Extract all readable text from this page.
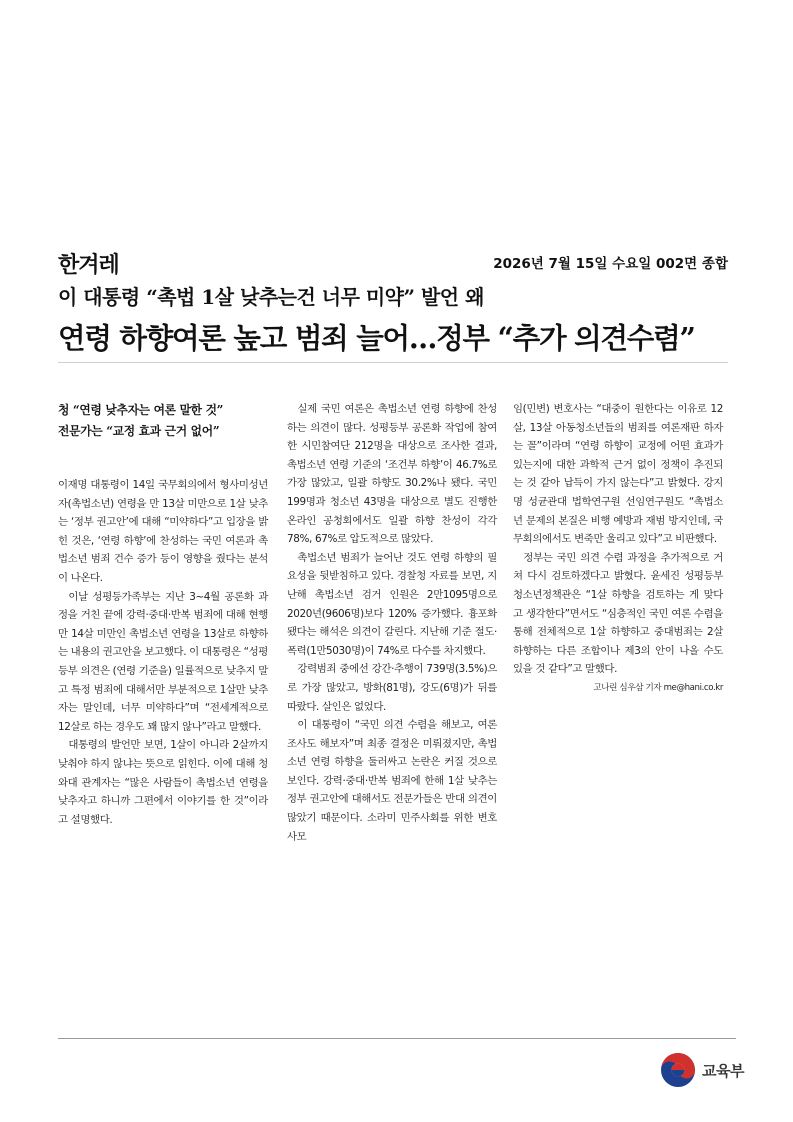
한겨레	2026년 7월 15일 수요일 002면 종합
이 대통령 “촉법 1살 낮추는건 너무 미약” 발언 왜
연령 하향여론 높고 범죄 늘어…정부 “추가 의견수렴”
청 “연령 낮추자는 여론 말한 것”
전문가는 “교정 효과 근거 없어”

이재명 대통령이 14일 국무회의에서 형사미성년자(촉법소년) 연령을 만 13살 미만으로 1살 낮추는 ‘정부 권고안’에 대해 “미약하다”고 입장을 밝힌 것은, ‘연령 하향’에 찬성하는 국민 여론과 촉법소년 범죄 건수 증가 등이 영향을 줬다는 분석이 나온다.

이날 성평등가족부는 지난 3~4월 공론화 과정을 거친 끝에 강력·중대·반복 범죄에 대해 현행 만 14살 미만인 촉법소년 연령을 13살로 하향하는 내용의 권고안을 보고했다. 이 대통령은 “성평등부 의견은 (연령 기준을) 일률적으로 낮추지 말고 특정 범죄에 대해서만 부분적으로 1살만 낮추자는 말인데, 너무 미약하다”며 “전세계적으로 12살로 하는 경우도 꽤 많지 않나”라고 말했다.

대통령의 발언만 보면, 1살이 아니라 2살까지 낮춰야 하지 않냐는 뜻으로 읽힌다. 이에 대해 청와대 관계자는 “많은 사람들이 촉법소년 연령을 낮추자고 하니까 그편에서 이야기를 한 것”이라고 설명했다.

실제 국민 여론은 촉법소년 연령 하향에 찬성하는 의견이 많다. 성평등부 공론화 작업에 참여한 시민참여단 212명을 대상으로 조사한 결과, 촉법소년 연령 기준의 ‘조건부 하향’이 46.7%로 가장 많았고, 일괄 하향도 30.2%나 됐다. 국민 199명과 청소년 43명을 대상으로 별도 진행한 온라인 공청회에서도 일괄 하향 찬성이 각각 78%, 67%로 압도적으로 많았다.

촉법소년 범죄가 늘어난 것도 연령 하향의 필요성을 뒷받침하고 있다. 경찰청 자료를 보면, 지난해 촉법소년 검거 인원은 2만1095명으로 2020년(9606명)보다 120% 증가했다. 흉포화됐다는 해석은 의견이 갈린다. 지난해 기준 절도·폭력(1만5030명)이 74%로 다수를 차지했다.

강력범죄 중에선 강간·추행이 739명(3.5%)으로 가장 많았고, 방화(81명), 강도(6명)가 뒤를 따랐다. 살인은 없었다.

이 대통령이 “국민 의견 수렴을 해보고, 여론조사도 해보자”며 최종 결정은 미뤄졌지만, 촉법소년 연령 하향을 둘러싸고 논란은 커질 것으로 보인다. 강력·중대·반복 범죄에 한해 1살 낮추는 정부 권고안에 대해서도 전문가들은 반대 의견이 많았기 때문이다. 소라미 민주사회를 위한 변호사모

임(민변) 변호사는 “대중이 원한다는 이유로 12살, 13살 아동청소년들의 범죄를 여론재판 하자는 꼴”이라며 “연령 하향이 교정에 어떤 효과가 있는지에 대한 과학적 근거 없이 정책이 추진되는 것 같아 납득이 가지 않는다”고 밝혔다. 강지명 성균관대 법학연구원 선임연구원도 “촉법소년 문제의 본질은 비행 예방과 재범 방지인데, 국무회의에서도 변죽만 울리고 있다”고 비판했다.

정부는 국민 의견 수렴 과정을 추가적으로 거쳐 다시 검토하겠다고 밝혔다. 윤세진 성평등부 청소년정책관은 “1살 하향을 검토하는 게 맞다고 생각한다”면서도 “심층적인 국민 여론 수렴을 통해 전체적으로 1살 하향하고 중대범죄는 2살 하향하는 다른 조합이나 제3의 안이 나올 수도 있을 것 같다”고 말했다.
고나린 심우삼 기자 me@hani.co.kr

교육부
